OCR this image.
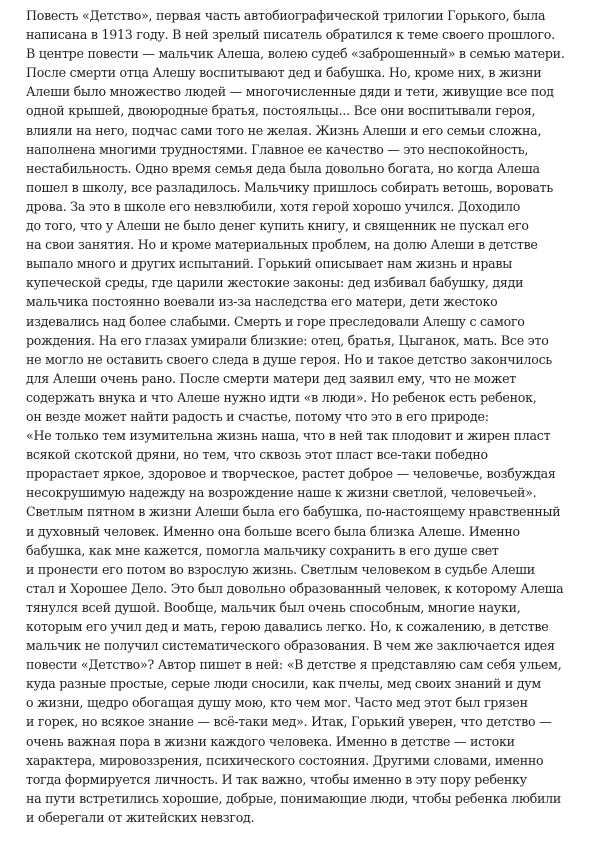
Повесть «Детство», первая часть автобиографической трилогии Горького, была
написана в 1913 году. В ней зрелый писатель обратился к теме своего прошлого.
В центре повести — мальчик Алеша, волею судеб «заброшенный» в семью матери.
После смерти отца Алешу воспитывают дед и бабушка. Но, кроме них, в жизни
Алеши было множество людей — многочисленные дяди и тети, живущие все под
одной крышей, двоюродные братья, постояльцы... Все они воспитывали героя,
влияли на него, подчас сами того не желая. Жизнь Алеши и его семьи сложна,
наполнена многими трудностями. Главное ее качество — это неспокойность,
нестабильность. Одно время семья деда была довольно богата, но когда Алеша
пошел в школу, все разладилось. Мальчику пришлось собирать ветошь, воровать
дрова. За это в школе его невзлюбили, хотя герой хорошо учился. Доходило
до того, что у Алеши не было денег купить книгу, и священник не пускал его
на свои занятия. Но и кроме материальных проблем, на долю Алеши в детстве
выпало много и других испытаний. Горький описывает нам жизнь и нравы
купеческой среды, где царили жестокие законы: дед избивал бабушку, дяди
мальчика постоянно воевали из-за наследства его матери, дети жестоко
издевались над более слабыми. Смерть и горе преследовали Алешу с самого
рождения. На его глазах умирали близкие: отец, братья, Цыганок, мать. Все это
не могло не оставить своего следа в душе героя. Но и такое детство закончилось
для Алеши очень рано. После смерти матери дед заявил ему, что не может
содержать внука и что Алеше нужно идти «в люди». Но ребенок есть ребенок,
он везде может найти радость и счастье, потому что это в его природе:
«Не только тем изумительна жизнь наша, что в ней так плодовит и жирен пласт
всякой скотской дряни, но тем, что сквозь этот пласт все-таки победно
прорастает яркое, здоровое и творческое, растет доброе — человечье, возбуждая
несокрушимую надежду на возрождение наше к жизни светлой, человечьей».
Светлым пятном в жизни Алеши была его бабушка, по-настоящему нравственный
и духовный человек. Именно она больше всего была близка Алеше. Именно
бабушка, как мне кажется, помогла мальчику сохранить в его душе свет
и пронести его потом во взрослую жизнь. Светлым человеком в судьбе Алеши
стал и Хорошее Дело. Это был довольно образованный человек, к которому Алеша
тянулся всей душой. Вообще, мальчик был очень способным, многие науки,
которым его учил дед и мать, герою давались легко. Но, к сожалению, в детстве
мальчик не получил систематического образования. В чем же заключается идея
повести «Детство»? Автор пишет в ней: «В детстве я представляю сам себя ульем,
куда разные простые, серые люди сносили, как пчелы, мед своих знаний и дум
о жизни, щедро обогащая душу мою, кто чем мог. Часто мед этот был грязен
и горек, но всякое знание — всё-таки мед». Итак, Горький уверен, что детство —
очень важная пора в жизни каждого человека. Именно в детстве — истоки
характера, мировоззрения, психического состояния. Другими словами, именно
тогда формируется личность. И так важно, чтобы именно в эту пору ребенку
на пути встретились хорошие, добрые, понимающие люди, чтобы ребенка любили
и оберегали от житейских невзгод.
